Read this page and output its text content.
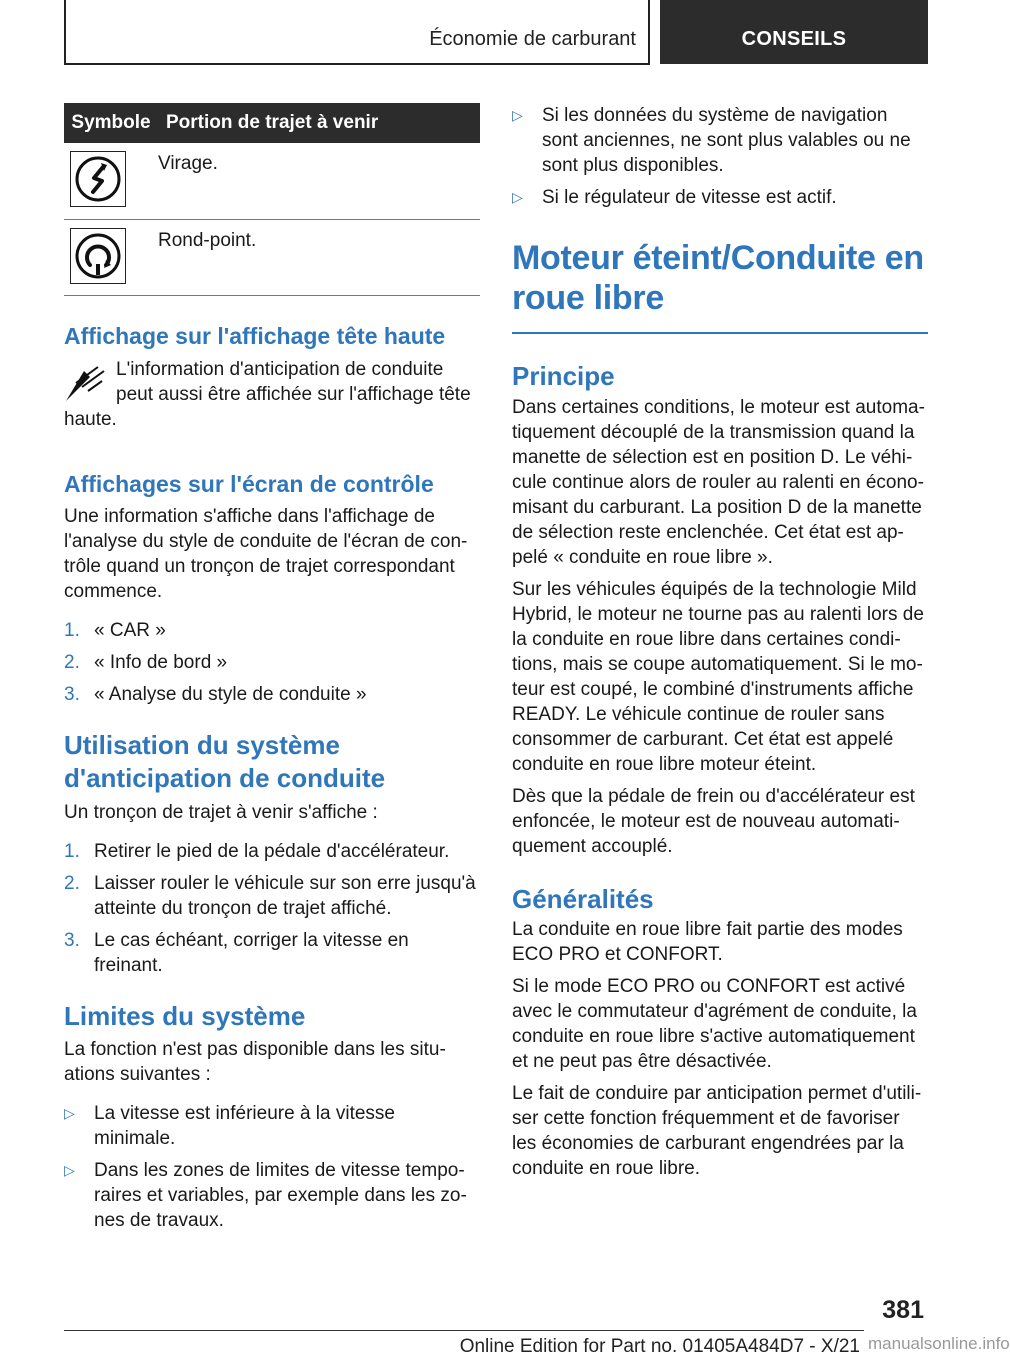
Économie de carburant	CONSEILS
Symbole	Portion de trajet à venir

	Virage.

	Rond-point.
Affichage sur l'affichage tête haute

L'information d'anticipation de conduite peut aussi être affichée sur l'affichage tête haute.

Affichages sur l'écran de contrôle

Une information s'affiche dans l'affichage de l'analyse du style de conduite de l'écran de contrôle quand un tronçon de trajet correspondant commence.

1. « CAR »
2. « Info de bord »
3. « Analyse du style de conduite »
Utilisation du système d'anticipation de conduite

Un tronçon de trajet à venir s'affiche :

1. Retirer le pied de la pédale d'accélérateur.
2. Laisser rouler le véhicule sur son erre jusqu'à atteinte du tronçon de trajet affiché.
3. Le cas échéant, corriger la vitesse en freinant.
Limites du système

La fonction n'est pas disponible dans les situations suivantes :

▷ La vitesse est inférieure à la vitesse minimale.
▷ Dans les zones de limites de vitesse temporaires et variables, par exemple dans les zones de travaux.
▷ Si les données du système de navigation sont anciennes, ne sont plus valables ou ne sont plus disponibles.
▷ Si le régulateur de vitesse est actif.
Moteur éteint/Conduite en roue libre
Principe

Dans certaines conditions, le moteur est automatiquement découplé de la transmission quand la manette de sélection est en position D. Le véhicule continue alors de rouler au ralenti en économisant du carburant. La position D de la manette de sélection reste enclenchée. Cet état est appelé « conduite en roue libre ».

Sur les véhicules équipés de la technologie Mild Hybrid, le moteur ne tourne pas au ralenti lors de la conduite en roue libre dans certaines conditions, mais se coupe automatiquement. Si le moteur est coupé, le combiné d'instruments affiche READY. Le véhicule continue de rouler sans consommer de carburant. Cet état est appelé conduite en roue libre moteur éteint.

Dès que la pédale de frein ou d'accélérateur est enfoncée, le moteur est de nouveau automatiquement accouplé.

Généralités

La conduite en roue libre fait partie des modes ECO PRO et CONFORT.

Si le mode ECO PRO ou CONFORT est activé avec le commutateur d'agrément de conduite, la conduite en roue libre s'active automatiquement et ne peut pas être désactivée.

Le fait de conduire par anticipation permet d'utiliser cette fonction fréquemment et de favoriser les économies de carburant engendrées par la conduite en roue libre.

381
Online Edition for Part no. 01405A484D7 - X/21 manualsonline.info
